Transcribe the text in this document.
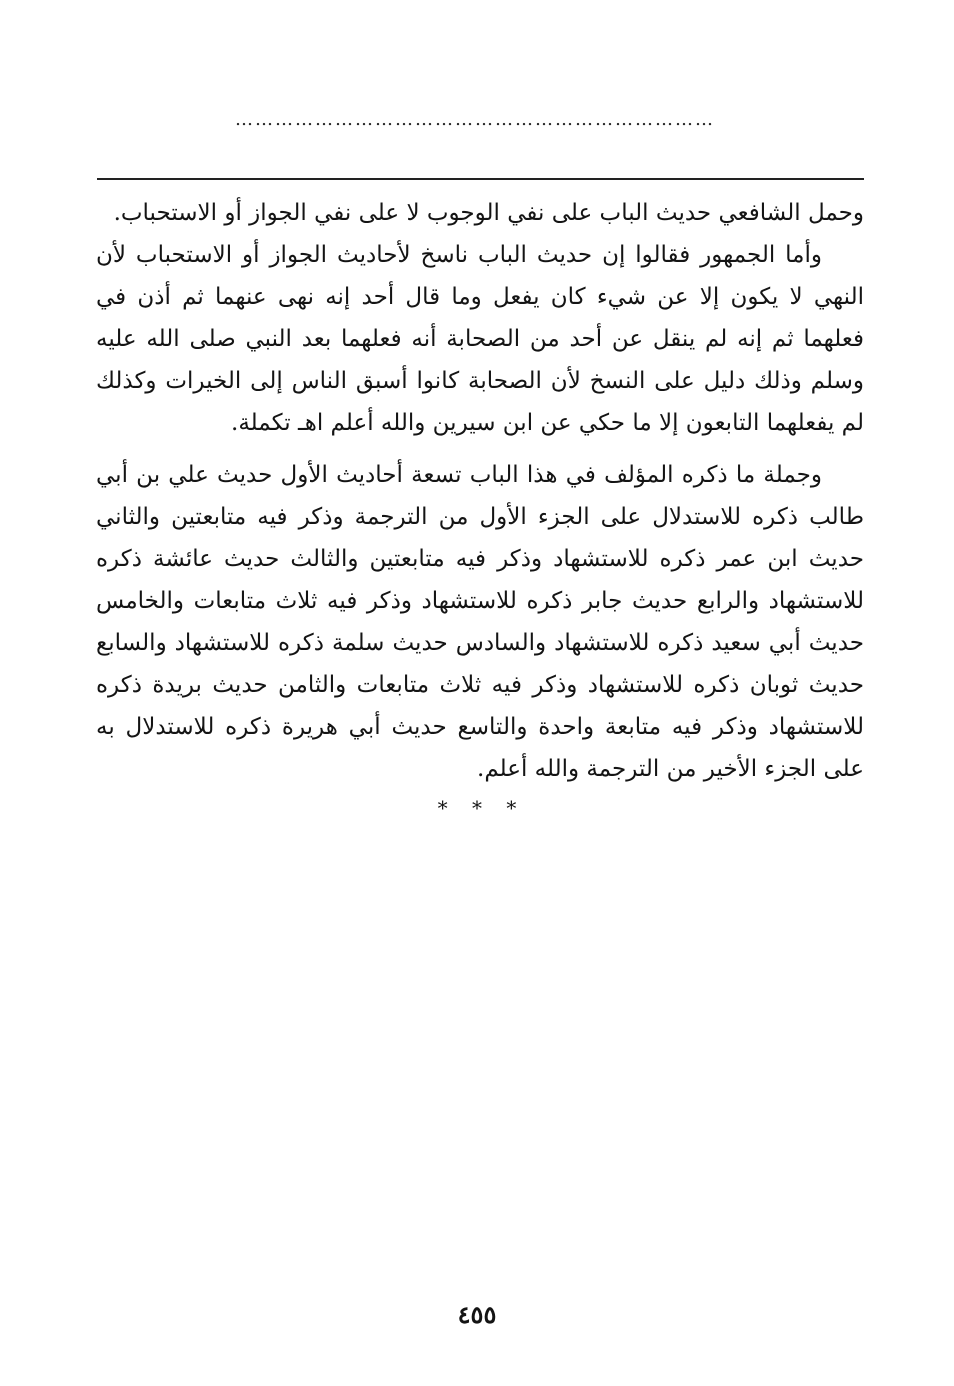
………………………………………………………………

وحمل الشافعي حديث الباب على نفي الوجوب لا على نفي الجواز أو الاستحباب.

وأما الجمهور فقالوا إن حديث الباب ناسخ لأحاديث الجواز أو الاستحباب لأن النهي لا يكون إلا عن شيء كان يفعل وما قال أحد إنه نهى عنهما ثم أذن في فعلهما ثم إنه لم ينقل عن أحد من الصحابة أنه فعلهما بعد النبي صلى الله عليه وسلم وذلك دليل على النسخ لأن الصحابة كانوا أسبق الناس إلى الخيرات وكذلك لم يفعلهما التابعون إلا ما حكي عن ابن سيرين والله أعلم اهـ تكملة.

وجملة ما ذكره المؤلف في هذا الباب تسعة أحاديث الأول حديث علي بن أبي طالب ذكره للاستدلال على الجزء الأول من الترجمة وذكر فيه متابعتين والثاني حديث ابن عمر ذكره للاستشهاد وذكر فيه متابعتين والثالث حديث عائشة ذكره للاستشهاد والرابع حديث جابر ذكره للاستشهاد وذكر فيه ثلاث متابعات والخامس حديث أبي سعيد ذكره للاستشهاد والسادس حديث سلمة ذكره للاستشهاد والسابع حديث ثوبان ذكره للاستشهاد وذكر فيه ثلاث متابعات والثامن حديث بريدة ذكره للاستشهاد وذكر فيه متابعة واحدة والتاسع حديث أبي هريرة ذكره للاستدلال به على الجزء الأخير من الترجمة والله أعلم.

* * *
٤٥٥
